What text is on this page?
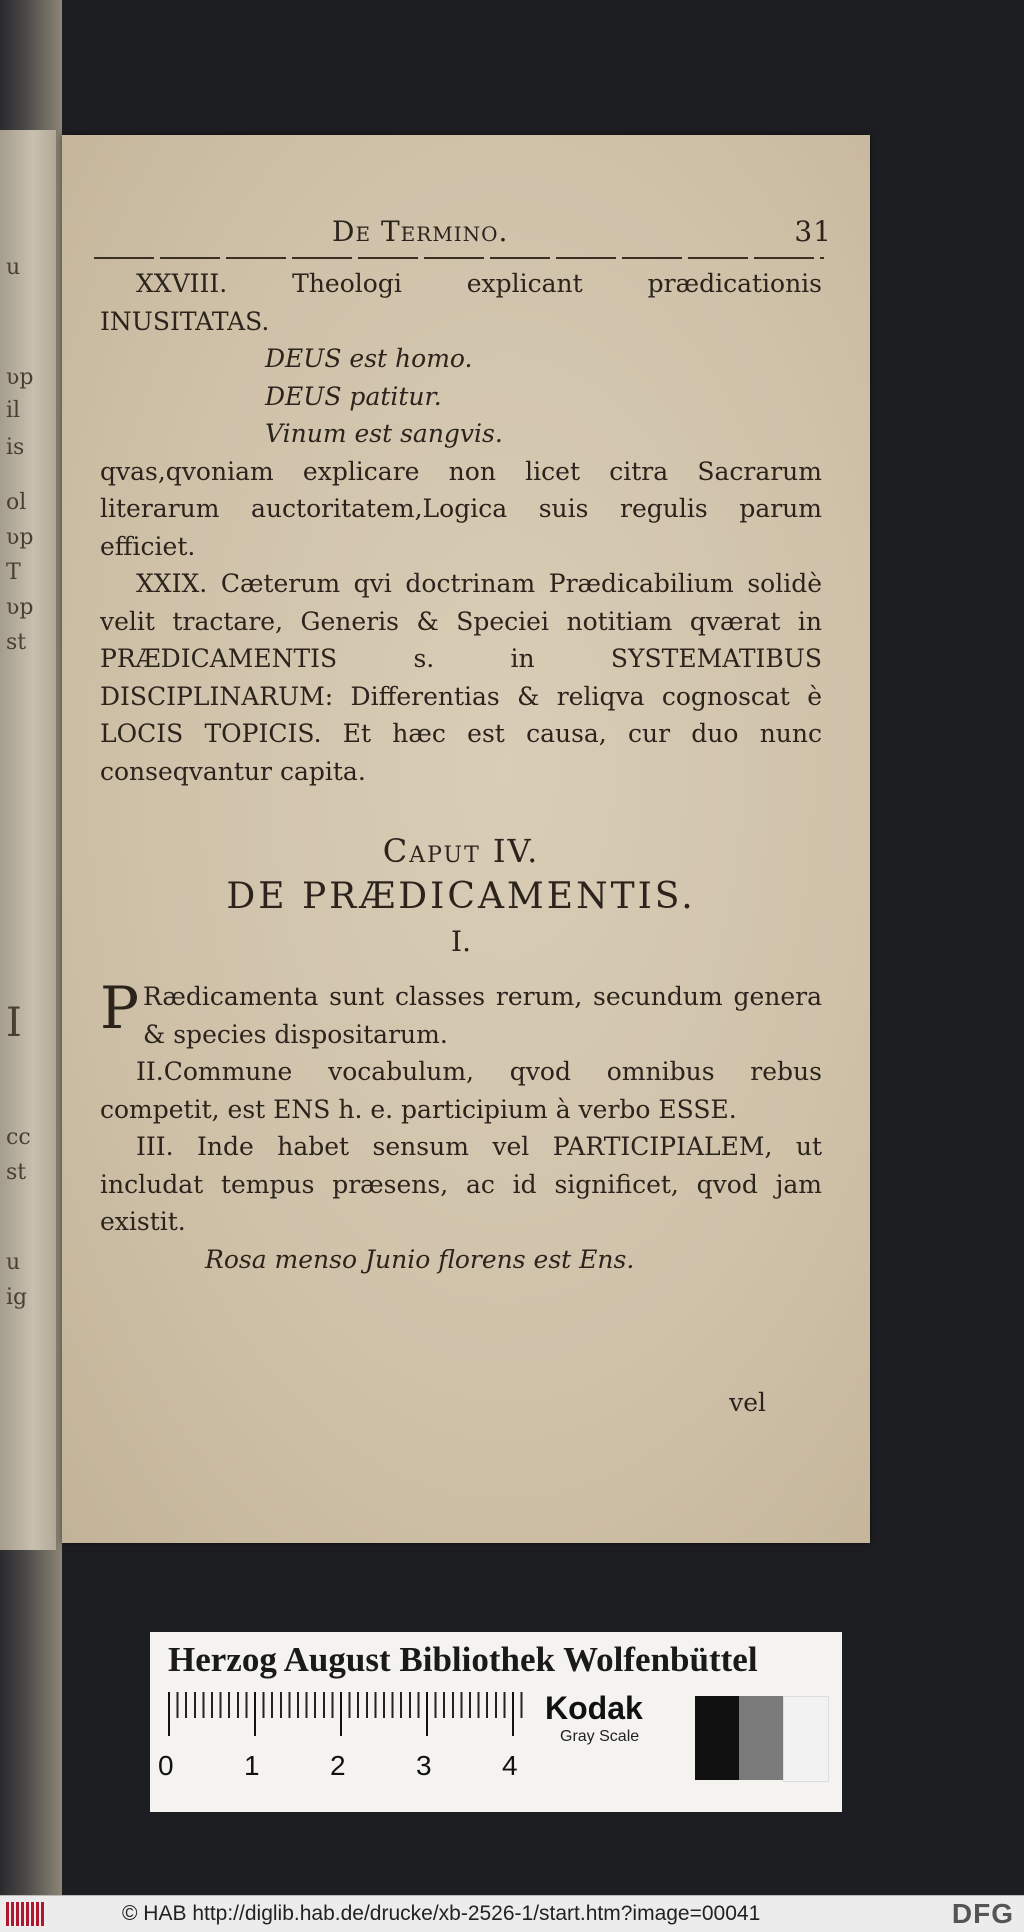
u
ʋp
il
is
ol
ʋp
T
ʋp
st
I
cc
st
u
ig
De Termino.	31

XXVIII. Theologi explicant prædicationis INUSITATAS.

DEUS est homo.

DEUS patitur.

Vinum est sangvis.

qvas,qvoniam explicare non licet citra Sacrarum literarum auctoritatem,Logica suis regulis parum efficiet.

XXIX. Cæterum qvi doctrinam Prædicabilium solidè velit tractare, Generis & Speciei notitiam qværat in PRÆDICAMENTIS s. in SYSTEMATIBUS DISCIPLINARUM: Differentias & reliqva cognoscat è LOCIS TOPICIS. Et hæc est causa, cur duo nunc conseqvantur capita.

Caput IV.

DE PRÆDICAMENTIS.

I.

P Rædicamenta sunt classes rerum, secundum genera & species dispositarum.

II.Commune vocabulum, qvod omnibus rebus competit, est ENS h. e. participium à verbo ESSE.

III. Inde habet sensum vel PARTICIPIALEM, ut includat tempus præsens, ac id significet, qvod jam existit.

Rosa menso Junio florens est Ens.

vel
Herzog August Bibliothek Wolfenbüttel
0	1	2	3	4
Kodak
Gray Scale
© HAB http://diglib.hab.de/drucke/xb-2526-1/start.htm?image=00041	DFG
